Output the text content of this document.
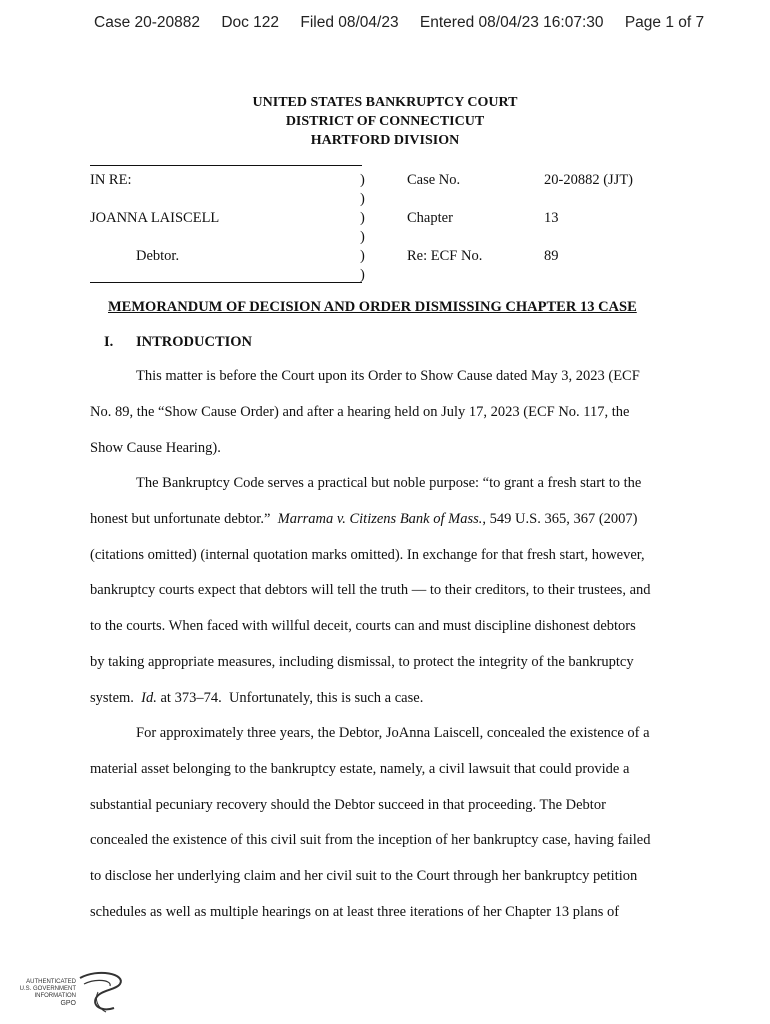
Case 20-20882 Doc 122 Filed 08/04/23 Entered 08/04/23 16:07:30 Page 1 of 7
UNITED STATES BANKRUPTCY COURT
DISTRICT OF CONNECTICUT
HARTFORD DIVISION
IN RE:
JOANNA LAISCELL
Debtor.
)
)
)
)
)
)
Case No.	20-20882 (JJT)
Chapter	13
Re: ECF No.	89
MEMORANDUM OF DECISION AND ORDER DISMISSING CHAPTER 13 CASE
I. INTRODUCTION
This matter is before the Court upon its Order to Show Cause dated May 3, 2023 (ECF
No. 89, the “Show Cause Order) and after a hearing held on July 17, 2023 (ECF No. 117, the
Show Cause Hearing).
The Bankruptcy Code serves a practical but noble purpose: “to grant a fresh start to the
honest but unfortunate debtor.”  Marrama v. Citizens Bank of Mass., 549 U.S. 365, 367 (2007)
(citations omitted) (internal quotation marks omitted). In exchange for that fresh start, however,
bankruptcy courts expect that debtors will tell the truth — to their creditors, to their trustees, and
to the courts. When faced with willful deceit, courts can and must discipline dishonest debtors
by taking appropriate measures, including dismissal, to protect the integrity of the bankruptcy
system.  Id. at 373–74.  Unfortunately, this is such a case.
For approximately three years, the Debtor, JoAnna Laiscell, concealed the existence of a
material asset belonging to the bankruptcy estate, namely, a civil lawsuit that could provide a
substantial pecuniary recovery should the Debtor succeed in that proceeding. The Debtor
concealed the existence of this civil suit from the inception of her bankruptcy case, having failed
to disclose her underlying claim and her civil suit to the Court through her bankruptcy petition
schedules as well as multiple hearings on at least three iterations of her Chapter 13 plans of
AUTHENTICATED
U.S. GOVERNMENT
INFORMATION
GPO
